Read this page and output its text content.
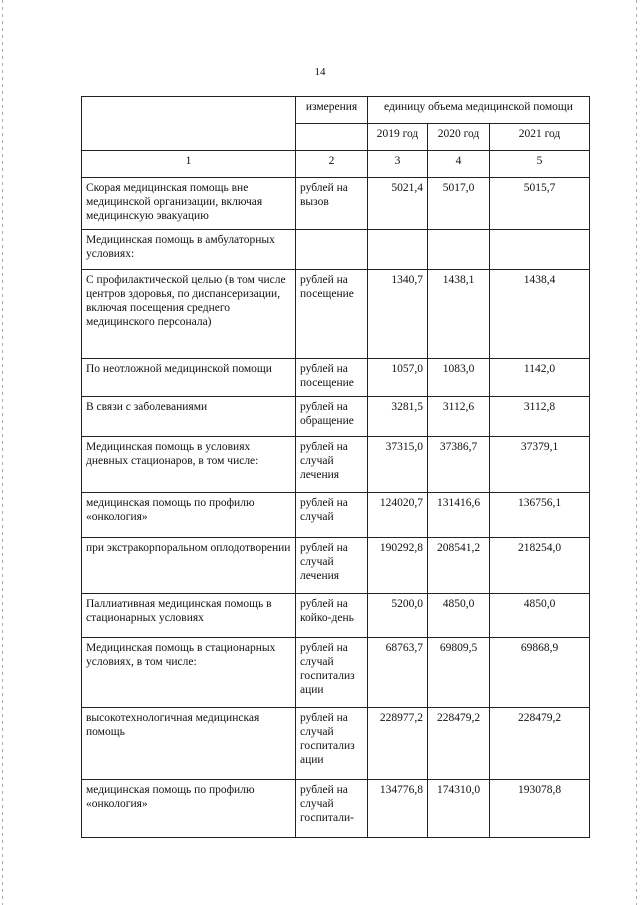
14
	измерения	единицу объема медицинской помощи		
		2019 год	2020 год	2021 год
1	2	3	4	5
Скорая медицинская помощь вне медицинской организации, включая медицинскую эвакуацию	рублей на вызов	5021,4	5017,0	5015,7
Медицинская помощь в амбулаторных условиях:				
С профилактической целью (в том числе центров здоровья, по диспансеризации, включая посещения среднего медицинского персонала)	рублей на посещение	1340,7	1438,1	1438,4
По неотложной медицинской помощи	рублей на посещение	1057,0	1083,0	1142,0
В связи с заболеваниями	рублей на обращение	3281,5	3112,6	3112,8
Медицинская помощь в условиях дневных стационаров, в том числе:	рублей на случай лечения	37315,0	37386,7	37379,1
медицинская помощь по профилю «онкология»	рублей на случай	124020,7	131416,6	136756,1
при экстракорпоральном оплодотворении	рублей на случай лечения	190292,8	208541,2	218254,0
Паллиативная медицинская помощь в стационарных условиях	рублей на койко-день	5200,0	4850,0	4850,0
Медицинская помощь в стационарных условиях, в том числе:	рублей на случай госпитализ ации	68763,7	69809,5	69868,9
высокотехнологичная медицинская помощь	рублей на случай госпитализ ации	228977,2	228479,2	228479,2
медицинская помощь по профилю «онкология»	рублей на случай госпитали-	134776,8	174310,0	193078,8
